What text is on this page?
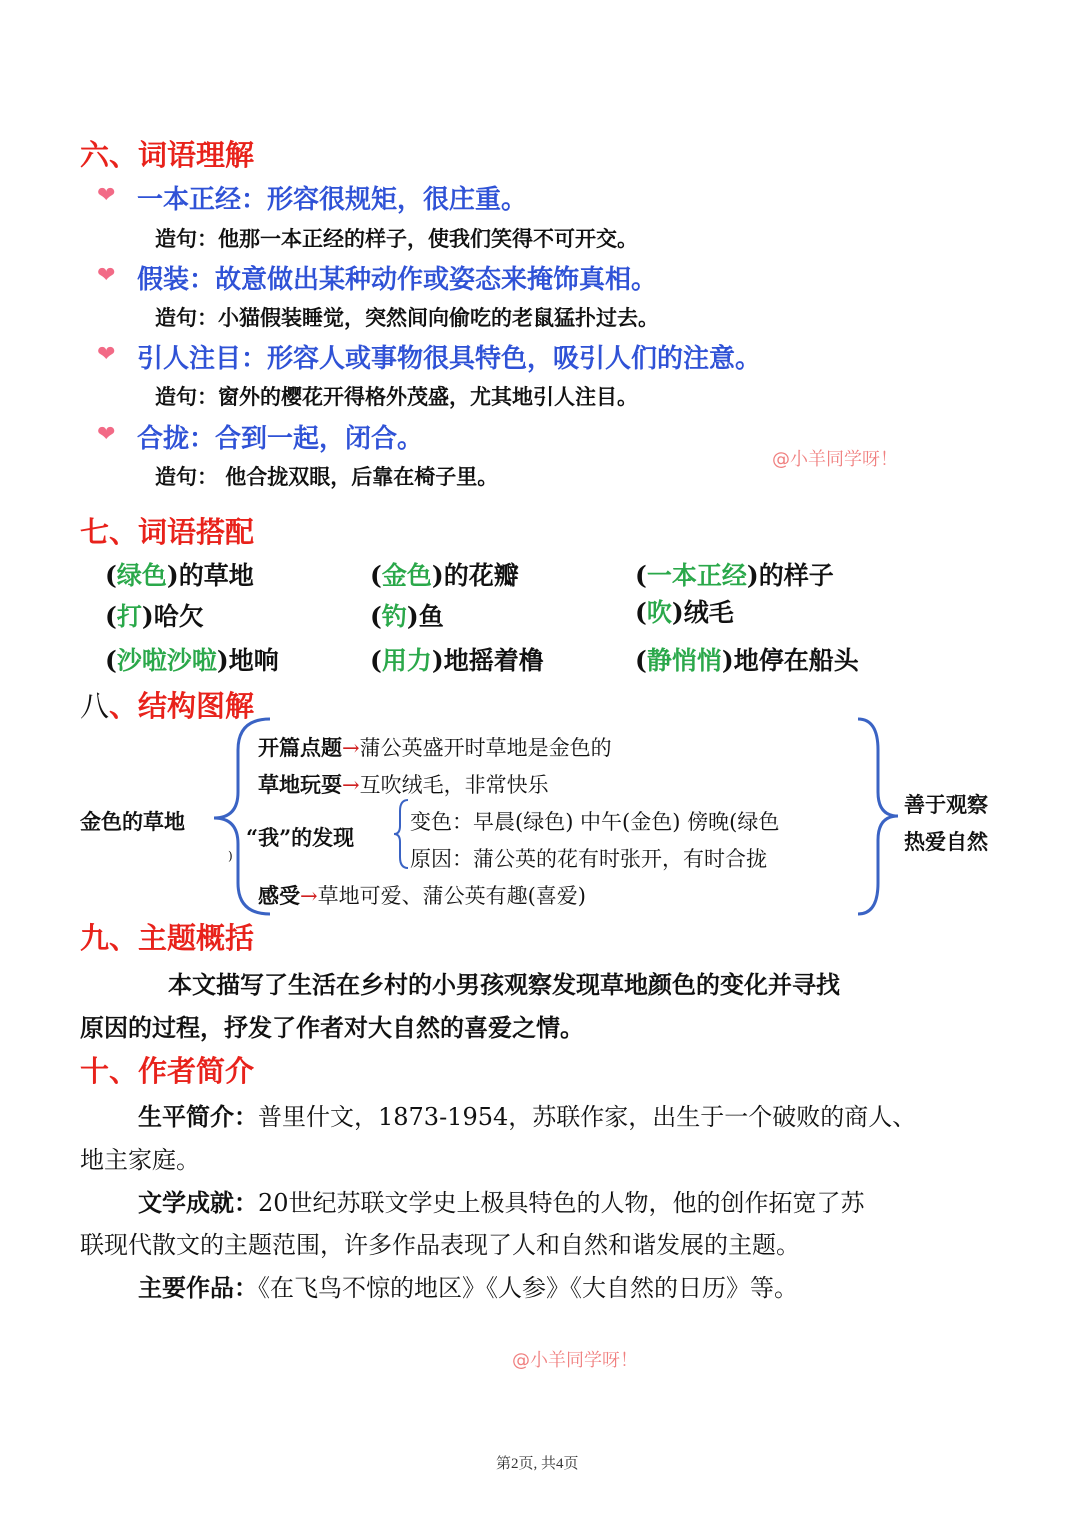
六、词语理解
❤ 一本正经：形容很规矩，很庄重。
造句：他那一本正经的样子，使我们笑得不可开交。
❤ 假装：故意做出某种动作或姿态来掩饰真相。
造句：小猫假装睡觉，突然间向偷吃的老鼠猛扑过去。
❤ 引人注目：形容人或事物很具特色，吸引人们的注意。
造句：窗外的樱花开得格外茂盛，尤其地引人注目。
❤ 合拢：合到一起，闭合。
造句： 他合拢双眼，后靠在椅子里。
@小羊同学呀！
七、词语搭配
(绿色)的草地	(金色)的花瓣	(一本正经)的样子
(打)哈欠	(钓)鱼	(吹)绒毛
(沙啦沙啦)地响	(用力)地摇着橹	(静悄悄)地停在船头
八、结构图解
金色的草地
开篇点题→蒲公英盛开时草地是金色的
草地玩耍→互吹绒毛，非常快乐
“我”的发现
变色：早晨(绿色) 中午(金色) 傍晚(绿色
原因：蒲公英的花有时张开，有时合拢
)
感受→草地可爱、蒲公英有趣(喜爱)
善于观察
热爱自然
九、主题概括
本文描写了生活在乡村的小男孩观察发现草地颜色的变化并寻找
原因的过程，抒发了作者对大自然的喜爱之情。
十、作者简介
生平简介：普里什文，1873-1954，苏联作家，出生于一个破败的商人、
地主家庭。
文学成就：20世纪苏联文学史上极具特色的人物，他的创作拓宽了苏
联现代散文的主题范围，许多作品表现了人和自然和谐发展的主题。
主要作品：《在飞鸟不惊的地区》《人参》《大自然的日历》等。
@小羊同学呀！
第2页, 共4页
